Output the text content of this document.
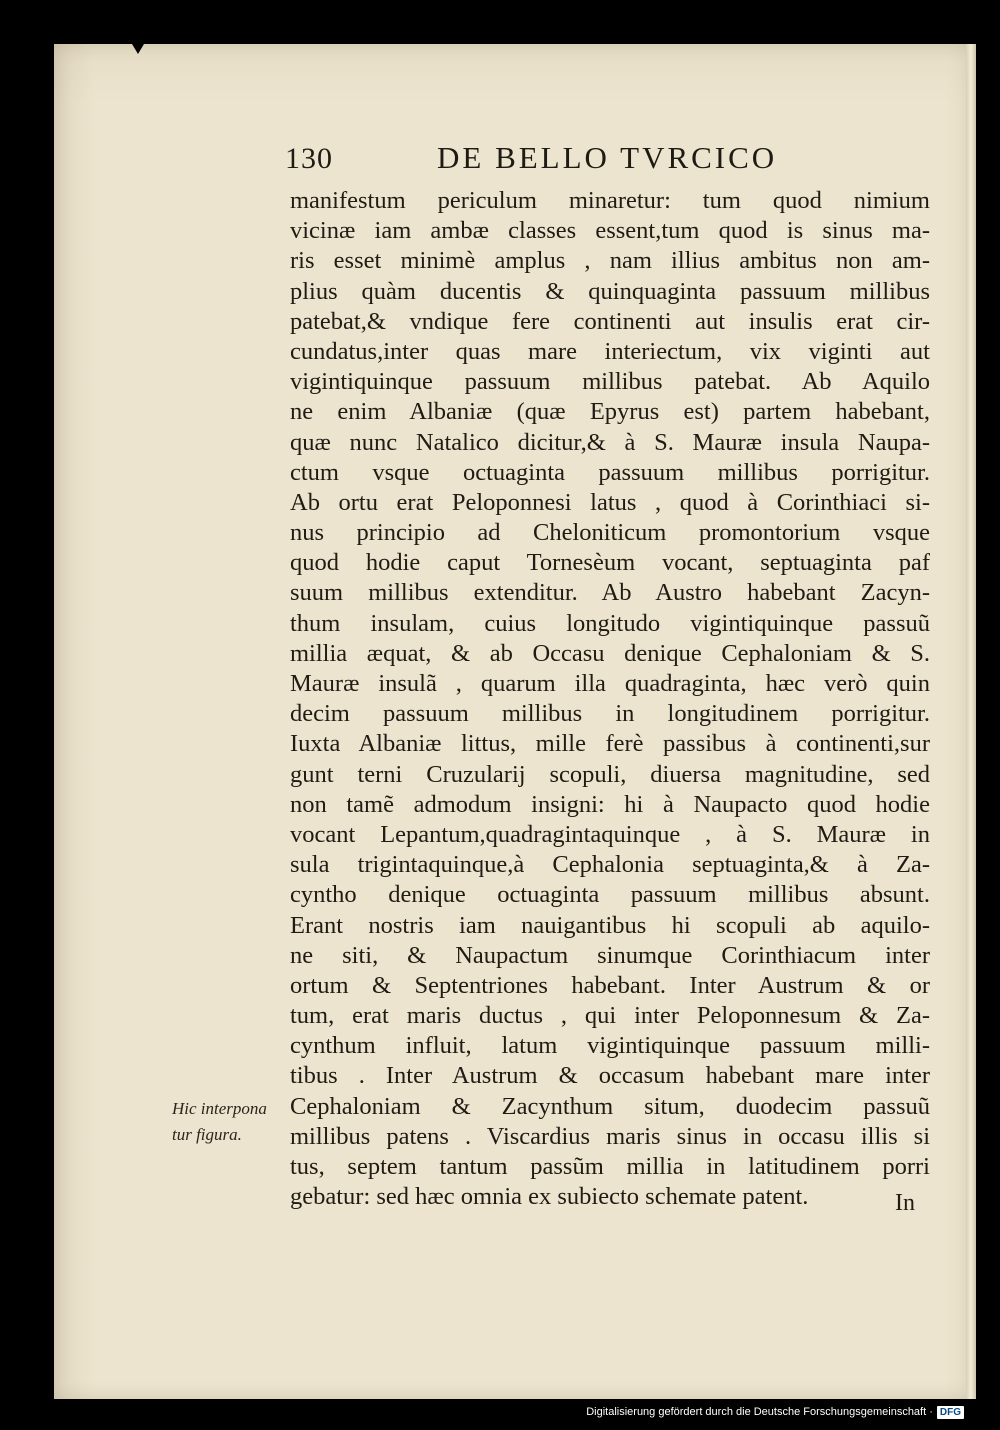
130	DE BELLO TVRCICO
manifestum periculum minaretur: tum quod nimium
vicinæ iam ambæ classes essent,tum quod is sinus ma-
ris esset minimè amplus , nam illius ambitus non am-
plius quàm ducentis & quinquaginta passuum millibus
patebat,& vndique fere continenti aut insulis erat cir-
cundatus,inter quas mare interiectum, vix viginti aut
vigintiquinque passuum millibus patebat. Ab Aquilo
ne enim Albaniæ (quæ Epyrus est) partem habebant,
quæ nunc Natalico dicitur,& à S. Mauræ insula Naupa-
ctum vsque octuaginta passuum millibus porrigitur.
Ab ortu erat Peloponnesi latus , quod à Corinthiaci si-
nus principio ad Cheloniticum promontorium vsque
quod hodie caput Tornesèum vocant, septuaginta paf
suum millibus extenditur. Ab Austro habebant Zacyn-
thum insulam, cuius longitudo vigintiquinque passuũ
millia æquat, & ab Occasu denique Cephaloniam & S.
Mauræ insulã , quarum illa quadraginta, hæc verò quin
decim passuum millibus in longitudinem porrigitur.
Iuxta Albaniæ littus, mille ferè passibus à continenti,sur
gunt terni Cruzularij scopuli, diuersa magnitudine, sed
non tamẽ admodum insigni: hi à Naupacto quod hodie
vocant Lepantum,quadragintaquinque , à S. Mauræ in
sula trigintaquinque,à Cephalonia septuaginta,& à Za-
cyntho denique octuaginta passuum millibus absunt.
Erant nostris iam nauigantibus hi scopuli ab aquilo-
ne siti, & Naupactum sinumque Corinthiacum inter
ortum & Septentriones habebant. Inter Austrum & or
tum, erat maris ductus , qui inter Peloponnesum & Za-
cynthum influit, latum vigintiquinque passuum milli-
tibus . Inter Austrum & occasum habebant mare inter
Cephaloniam & Zacynthum situm, duodecim passuũ
millibus patens . Viscardius maris sinus in occasu illis si
tus, septem tantum passũm millia in latitudinem porri
gebatur: sed hæc omnia ex subiecto schemate patent.
Hic interpona
tur figura.
In
Digitalisierung gefördert durch die Deutsche Forschungsgemeinschaft · DFG
